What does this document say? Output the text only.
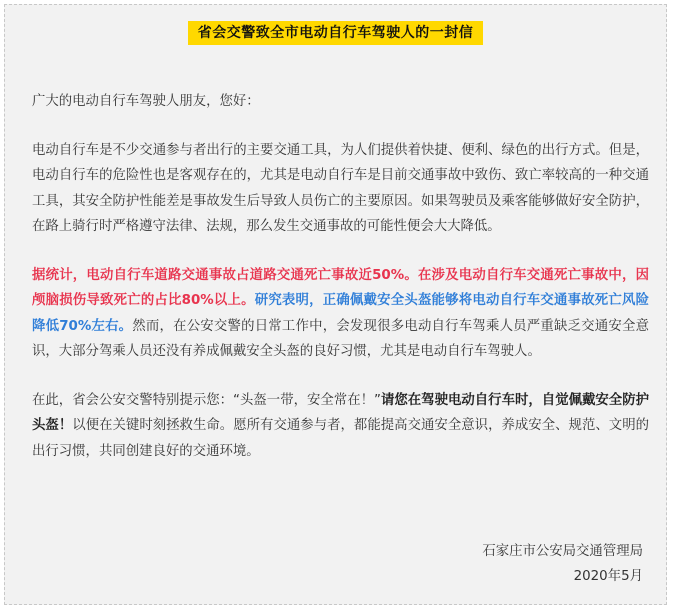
省会交警致全市电动自行车驾驶人的一封信

广大的电动自行车驾驶人朋友，您好：

电动自行车是不少交通参与者出行的主要交通工具，为人们提供着快捷、便利、绿色的出行方式。但是，电动自行车的危险性也是客观存在的，尤其是电动自行车是目前交通事故中致伤、致亡率较高的一种交通工具，其安全防护性能差是事故发生后导致人员伤亡的主要原因。如果驾驶员及乘客能够做好安全防护，在路上骑行时严格遵守法律、法规，那么发生交通事故的可能性便会大大降低。

据统计，电动自行车道路交通事故占道路交通死亡事故近50%。在涉及电动自行车交通死亡事故中，因颅脑损伤导致死亡的占比80%以上。研究表明，正确佩戴安全头盔能够将电动自行车交通事故死亡风险降低70%左右。然而，在公安交警的日常工作中，会发现很多电动自行车驾乘人员严重缺乏交通安全意识，大部分驾乘人员还没有养成佩戴安全头盔的良好习惯，尤其是电动自行车驾驶人。

在此，省会公安交警特别提示您：“头盔一带，安全常在！”请您在驾驶电动自行车时，自觉佩戴安全防护头盔！以便在关键时刻拯救生命。愿所有交通参与者，都能提高交通安全意识，养成安全、规范、文明的出行习惯，共同创建良好的交通环境。

石家庄市公安局交通管理局
2020年5月
